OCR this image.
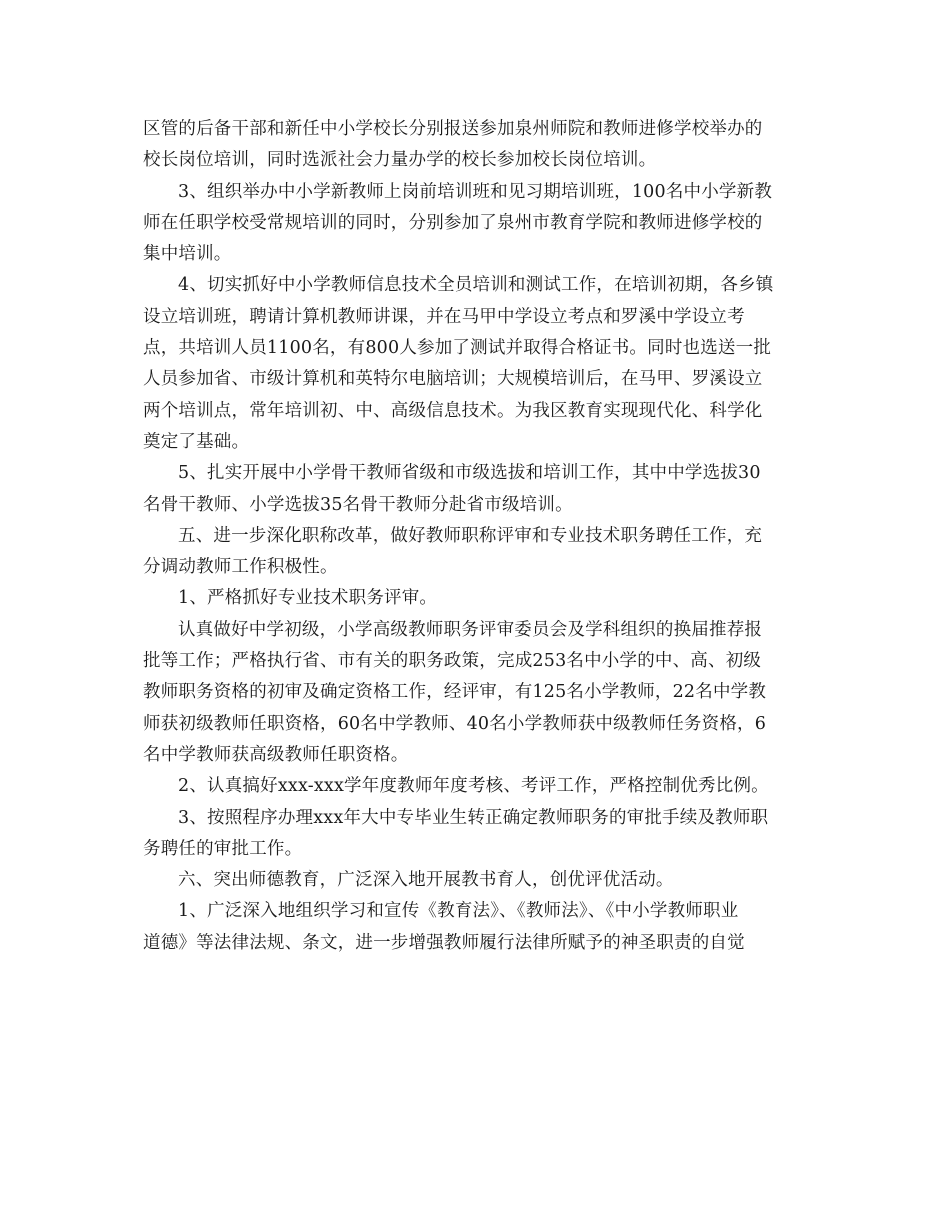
区管的后备干部和新任中小学校长分别报送参加泉州师院和教师进修学校举办的
校长岗位培训，同时选派社会力量办学的校长参加校长岗位培训。
3、组织举办中小学新教师上岗前培训班和见习期培训班，100名中小学新教
师在任职学校受常规培训的同时，分别参加了泉州市教育学院和教师进修学校的
集中培训。
4、切实抓好中小学教师信息技术全员培训和测试工作，在培训初期，各乡镇
设立培训班，聘请计算机教师讲课，并在马甲中学设立考点和罗溪中学设立考
点，共培训人员1100名，有800人参加了测试并取得合格证书。同时也选送一批
人员参加省、市级计算机和英特尔电脑培训；大规模培训后，在马甲、罗溪设立
两个培训点，常年培训初、中、高级信息技术。为我区教育实现现代化、科学化
奠定了基础。
5、扎实开展中小学骨干教师省级和市级选拔和培训工作，其中中学选拔30
名骨干教师、小学选拔35名骨干教师分赴省市级培训。
五、进一步深化职称改革，做好教师职称评审和专业技术职务聘任工作，充
分调动教师工作积极性。
1、严格抓好专业技术职务评审。
认真做好中学初级，小学高级教师职务评审委员会及学科组织的换届推荐报
批等工作；严格执行省、市有关的职务政策，完成253名中小学的中、高、初级
教师职务资格的初审及确定资格工作，经评审，有125名小学教师，22名中学教
师获初级教师任职资格，60名中学教师、40名小学教师获中级教师任务资格，6
名中学教师获高级教师任职资格。
2、认真搞好xxx-xxx学年度教师年度考核、考评工作，严格控制优秀比例。
3、按照程序办理xxx年大中专毕业生转正确定教师职务的审批手续及教师职
务聘任的审批工作。
六、突出师德教育，广泛深入地开展教书育人，创优评优活动。
1、广泛深入地组织学习和宣传《教育法》、《教师法》、《中小学教师职业
道德》等法律法规、条文，进一步增强教师履行法律所赋予的神圣职责的自觉
